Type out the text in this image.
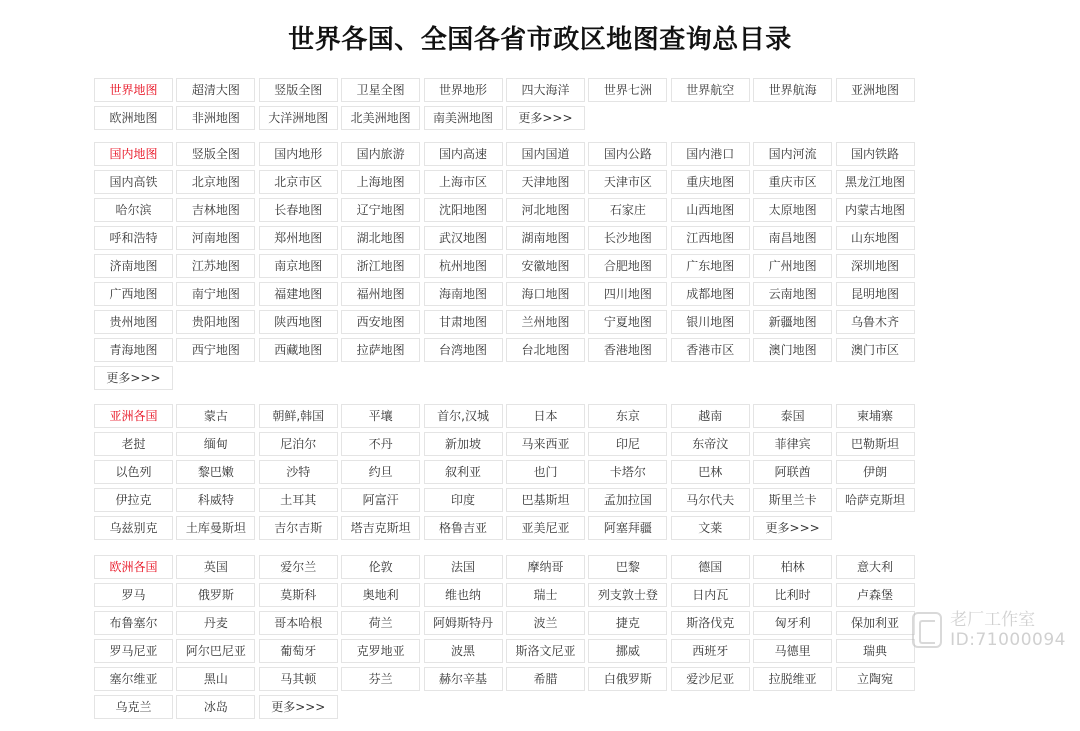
世界各国、全国各省市政区地图查询总目录
世界地图	超清大图	竖版全图	卫星全图	世界地形	四大海洋	世界七洲	世界航空	世界航海	亚洲地图
欧洲地图	非洲地图	大洋洲地图	北美洲地图	南美洲地图	更多>>>
国内地图	竖版全图	国内地形	国内旅游	国内高速	国内国道	国内公路	国内港口	国内河流	国内铁路
国内高铁	北京地图	北京市区	上海地图	上海市区	天津地图	天津市区	重庆地图	重庆市区	黑龙江地图
哈尔滨	吉林地图	长春地图	辽宁地图	沈阳地图	河北地图	石家庄	山西地图	太原地图	内蒙古地图
呼和浩特	河南地图	郑州地图	湖北地图	武汉地图	湖南地图	长沙地图	江西地图	南昌地图	山东地图
济南地图	江苏地图	南京地图	浙江地图	杭州地图	安徽地图	合肥地图	广东地图	广州地图	深圳地图
广西地图	南宁地图	福建地图	福州地图	海南地图	海口地图	四川地图	成都地图	云南地图	昆明地图
贵州地图	贵阳地图	陕西地图	西安地图	甘肃地图	兰州地图	宁夏地图	银川地图	新疆地图	乌鲁木齐
青海地图	西宁地图	西藏地图	拉萨地图	台湾地图	台北地图	香港地图	香港市区	澳门地图	澳门市区
更多>>>
亚洲各国	蒙古	朝鲜,韩国	平壤	首尔,汉城	日本	东京	越南	泰国	柬埔寨
老挝	缅甸	尼泊尔	不丹	新加坡	马来西亚	印尼	东帝汶	菲律宾	巴勒斯坦
以色列	黎巴嫩	沙特	约旦	叙利亚	也门	卡塔尔	巴林	阿联酋	伊朗
伊拉克	科威特	土耳其	阿富汗	印度	巴基斯坦	孟加拉国	马尔代夫	斯里兰卡	哈萨克斯坦
乌兹别克	土库曼斯坦	吉尔吉斯	塔吉克斯坦	格鲁吉亚	亚美尼亚	阿塞拜疆	文莱	更多>>>
欧洲各国	英国	爱尔兰	伦敦	法国	摩纳哥	巴黎	德国	柏林	意大利
罗马	俄罗斯	莫斯科	奥地利	维也纳	瑞士	列支敦士登	日内瓦	比利时	卢森堡
布鲁塞尔	丹麦	哥本哈根	荷兰	阿姆斯特丹	波兰	捷克	斯洛伐克	匈牙利	保加利亚
罗马尼亚	阿尔巴尼亚	葡萄牙	克罗地亚	波黑	斯洛文尼亚	挪威	西班牙	马德里	瑞典
塞尔维亚	黑山	马其顿	芬兰	赫尔辛基	希腊	白俄罗斯	爱沙尼亚	拉脱维亚	立陶宛
乌克兰	冰岛	更多>>>
老厂工作室
ID:71000094
